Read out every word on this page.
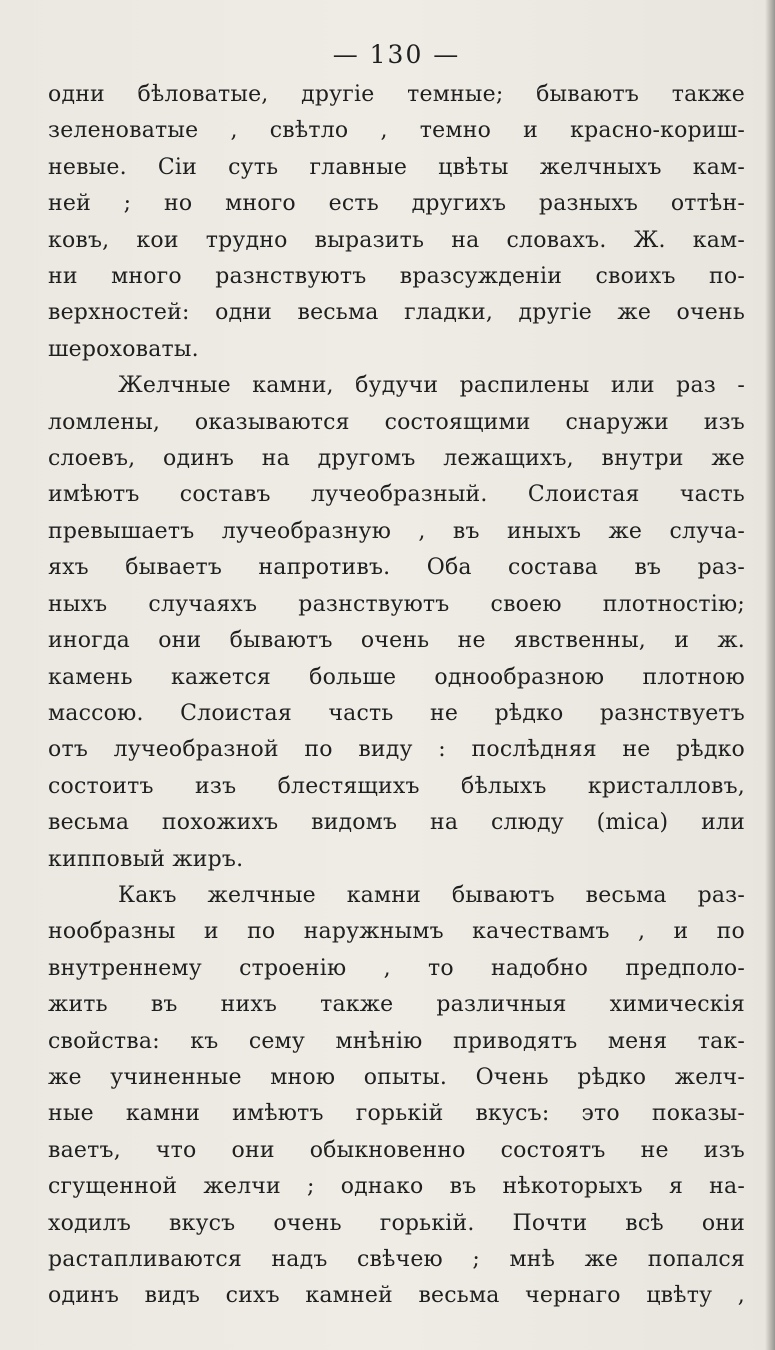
— 130 —
одни бѣловатые, другіе темные; бываютъ также
зеленоватые , свѣтло , темно и красно-кориш-
невые. Сіи суть главные цвѣты желчныхъ кам-
ней ; но много есть другихъ разныхъ оттѣн-
ковъ, кои трудно выразить на словахъ. Ж. кам-
ни много разнствуютъ вразсужденіи своихъ по-
верхностей: одни весьма гладки, другіе же очень
шероховаты.
Желчные камни, будучи распилены или раз -
ломлены, оказываются состоящими снаружи изъ
слоевъ, одинъ на другомъ лежащихъ, внутри же
имѣютъ составъ лучеобразный. Слоистая часть
превышаетъ лучеобразную , въ иныхъ же случа-
яхъ бываетъ напротивъ. Оба состава въ раз-
ныхъ случаяхъ разнствуютъ своею плотностію;
иногда они бываютъ очень не явственны, и ж.
камень кажется больше однообразною плотною
массою. Слоистая часть не рѣдко разнствуетъ
отъ лучеобразной по виду : послѣдняя не рѣдко
состоитъ изъ блестящихъ бѣлыхъ кристалловъ,
весьма похожихъ видомъ на слюду (mica) или
кипповый жиръ.
Какъ желчные камни бываютъ весьма раз-
нообразны и по наружнымъ качествамъ , и по
внутреннему строенію , то надобно предполо-
жить въ нихъ также различныя химическія
свойства: къ сему мнѣнію приводятъ меня так-
же учиненные мною опыты. Очень рѣдко желч-
ные камни имѣютъ горькій вкусъ: это показы-
ваетъ, что они обыкновенно состоятъ не изъ
сгущенной желчи ; однако въ нѣкоторыхъ я на-
ходилъ вкусъ очень горькій. Почти всѣ они
растапливаются надъ свѣчею ; мнѣ же попался
одинъ видъ сихъ камней весьма чернаго цвѣту ,
